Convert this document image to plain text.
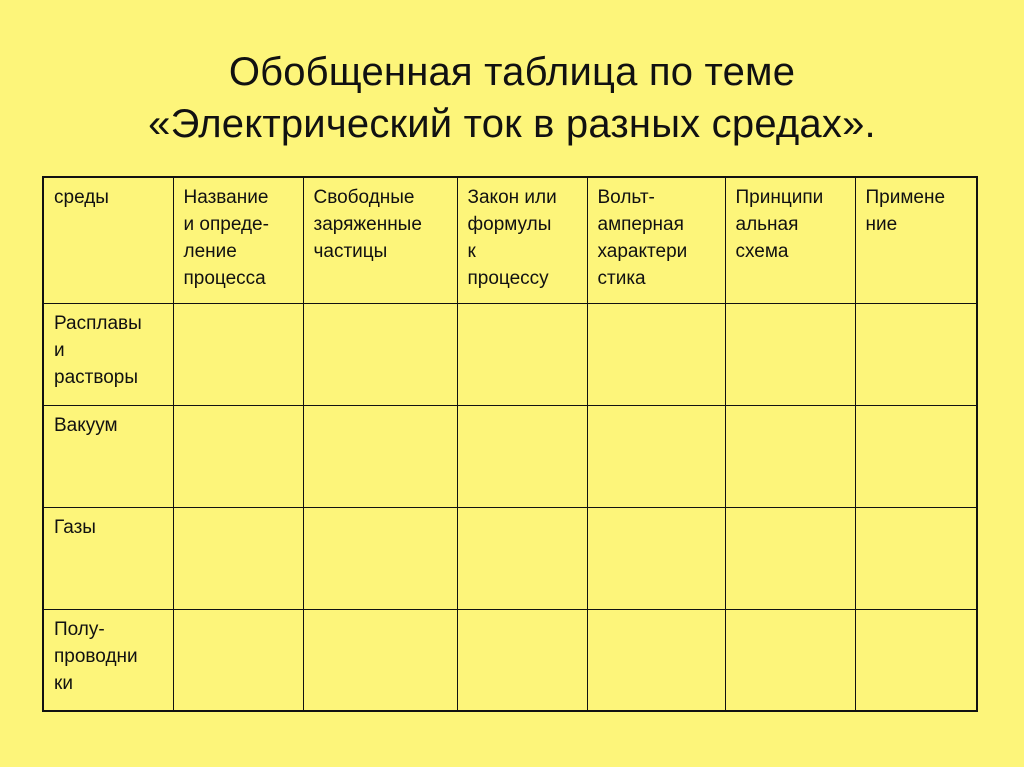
Обобщенная таблица по теме
«Электрический ток в разных средах».
среды	Название
и опреде-
ление
процесса	Свободные
заряженные
частицы	Закон или
формулы
к
процессу	Вольт-
амперная
характери
стика	Принципи
альная
схема	Примене
ние

Расплавы
и
растворы						

Вакуум						

Газы						

Полу-
проводни
ки						
